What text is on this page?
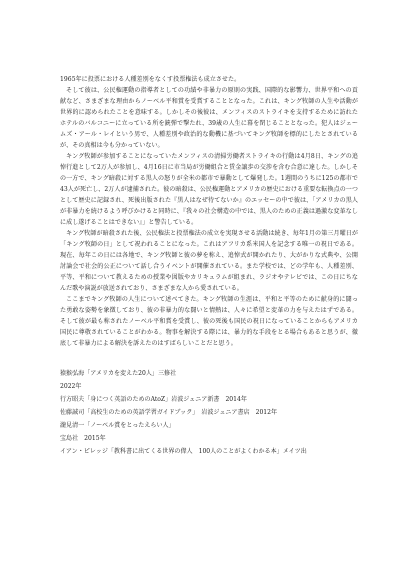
1965年に投票における人種差別をなくす投票権法も成立させた。

そして彼は、公民権運動の指導者としての功績や非暴力の原則の実践、国際的な影響力、世界平和への貢献など、さまざまな理由からノーベル平和賞を受賞することとなった。これは、キング牧師の人生や活動が世界的に認められたことを意味する。しかしその後彼は、メンフィスのストライキを支持するために訪れたホテルのバルコニーに立っている所を銃弾で撃たれ、39歳の人生に幕を閉じることとなった。犯人はジェームズ・アール・レイという男で、人種差別や政治的な動機に基づいてキング牧師を標的にしたとされているが、その真相は今も分かっていない。

キング牧師が参加することになっていたメンフィスの清掃労働者ストライキの行動は4月8日、キングの追悼行進として2万人が参加し、4月16日に市当局が労働組合と賃金譲歩の交渉を含む合意に達した。しかしその一方で、キング暗殺に対する黒人の怒りが全米の都市で暴動として爆発した。1週間のうちに125の都市で43人が死亡し、2万人が逮捕された。彼の暗殺は、公民権運動とアメリカの歴史における重要な転換点の一つとして歴史に記録され、死後出版された『黒人はなぜ待てないか』のエッセーの中で彼は、「アメリカの黒人が非暴力を続けるよう呼びかけると同時に、『我々の社会構造の中では、黒人のための正義は過激な変革なしに成し遂げることはできない』」と警告している。

キング牧師が暗殺された後、公民権法と投票権法の成立を実現させる活動は続き、毎年1月の第三月曜日が「キング牧師の日」として祝われることになった。これはアフリカ系米国人を記念する唯一の祝日である。現在、毎年この日には各地で、キング牧師と彼の夢を称え、追悼式が開かれたり、大がかりな式典や、公開討論会で社会的公正について話し合うイベントが開催されている。また学校では、どの学年も、人種差別、平等、平和について教えるための授業や図版やカリキュラムが組まれ、ラジオやテレビでは、この日にちなんだ歌や演説が放送されており、さまざまな人から愛されている。

ここまでキング牧師の人生について述べてきた。キング牧師の生涯は、平和と平等のために献身的に闘った勇敢な姿勢を象徴しており、彼の非暴力的な闘いと情熱は、人々に希望と変革の力を与えたはずである。そして彼が最も称されたノーベル平和賞を受賞し、彼の死後も国民の祝日になっていることからもアメリカ国民に尊敬されていることがわかる。物事を解決する際には、暴力的な手段をとる場合もあると思うが、徹底して非暴力による解決を訴えたのはすばらしいことだと思う。

猿猴弘海「アメリカを変えた20人」三修社
2022年
行方昭夫「身につく英語のためのAtoZ」岩波ジュニア新書　2014年
佐藤誠司「高校生のための英語学習ガイドブック」　岩波ジュニア書店　2012年
瀧見清一「ノーベル賞をとったえらい人」
宝島社　2015年
イアン・ピレッジ「教科書に出てくる世界の偉人　100人のことがよくわかる本」メイツ出
